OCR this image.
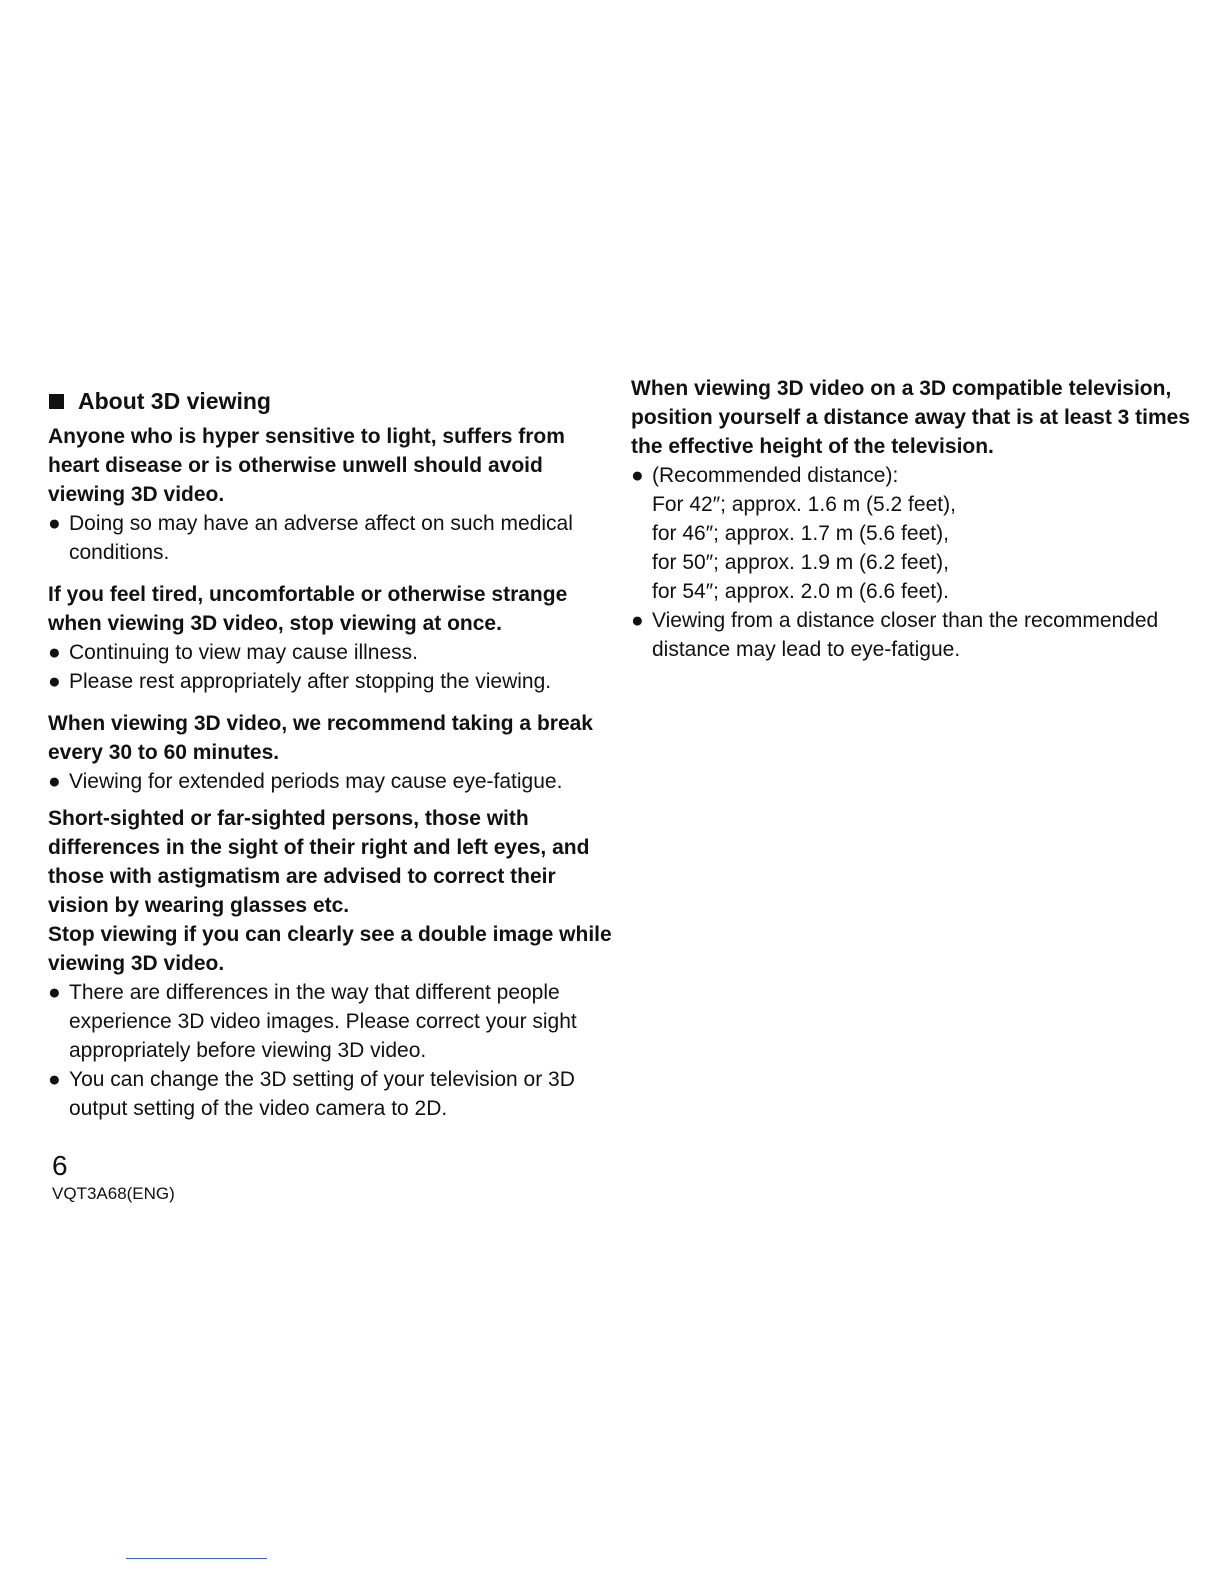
About 3D viewing
Anyone who is hyper sensitive to light, suffers from heart disease or is otherwise unwell should avoid viewing 3D video.
● Doing so may have an adverse affect on such medical conditions.
If you feel tired, uncomfortable or otherwise strange when viewing 3D video, stop viewing at once.
● Continuing to view may cause illness.
● Please rest appropriately after stopping the viewing.
When viewing 3D video, we recommend taking a break every 30 to 60 minutes.
● Viewing for extended periods may cause eye-fatigue.
Short-sighted or far-sighted persons, those with differences in the sight of their right and left eyes, and those with astigmatism are advised to correct their vision by wearing glasses etc.
Stop viewing if you can clearly see a double image while viewing 3D video.
● There are differences in the way that different people experience 3D video images. Please correct your sight appropriately before viewing 3D video.
● You can change the 3D setting of your television or 3D output setting of the video camera to 2D.
When viewing 3D video on a 3D compatible television, position yourself a distance away that is at least 3 times the effective height of the television.
● (Recommended distance):
For 42″; approx. 1.6 m (5.2 feet),
for 46″; approx. 1.7 m (5.6 feet),
for 50″; approx. 1.9 m (6.2 feet),
for 54″; approx. 2.0 m (6.6 feet).
● Viewing from a distance closer than the recommended distance may lead to eye-fatigue.
6
VQT3A68(ENG)
